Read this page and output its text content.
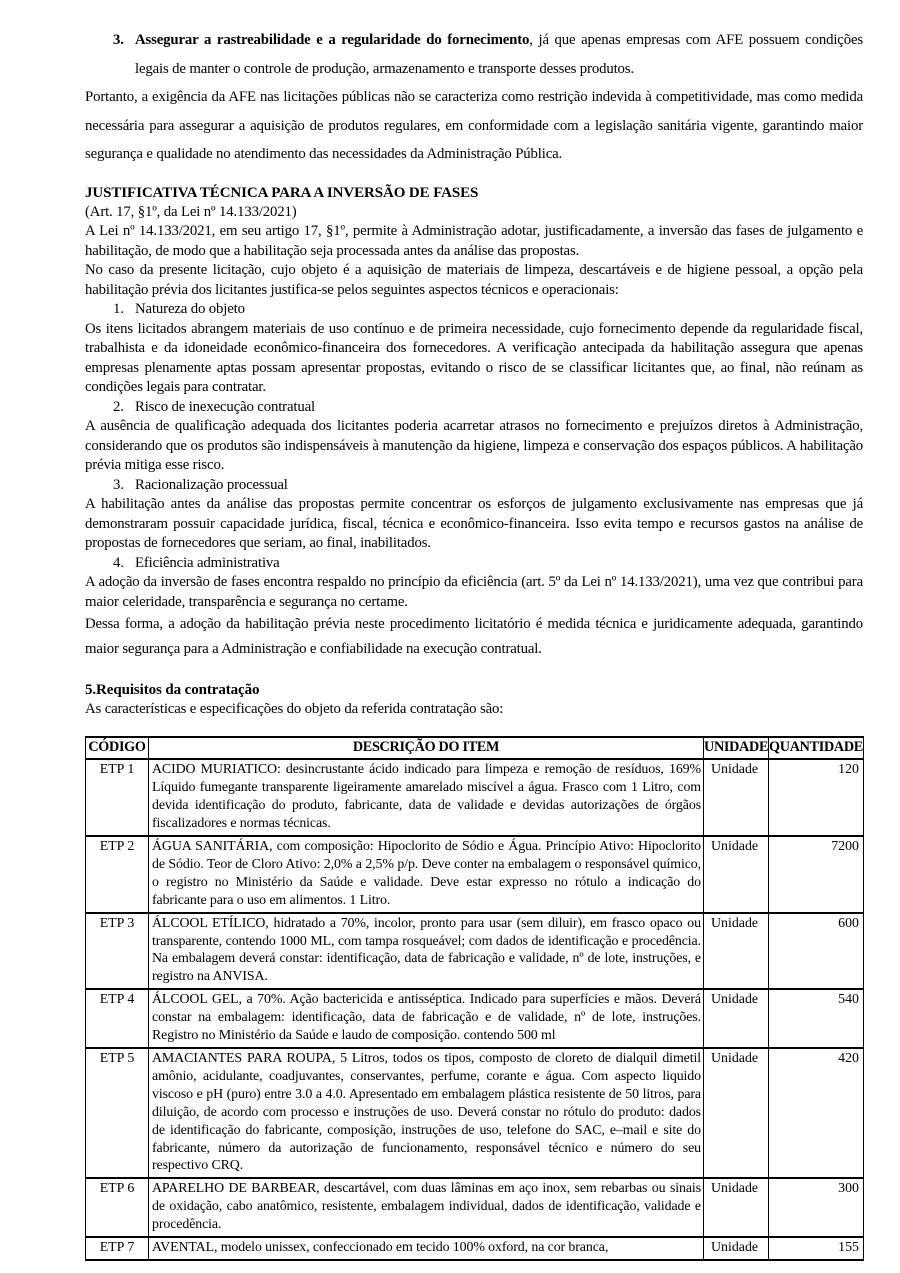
3. Assegurar a rastreabilidade e a regularidade do fornecimento, já que apenas empresas com AFE possuem condições legais de manter o controle de produção, armazenamento e transporte desses produtos.

Portanto, a exigência da AFE nas licitações públicas não se caracteriza como restrição indevida à competitividade, mas como medida necessária para assegurar a aquisição de produtos regulares, em conformidade com a legislação sanitária vigente, garantindo maior segurança e qualidade no atendimento das necessidades da Administração Pública.

JUSTIFICATIVA TÉCNICA PARA A INVERSÃO DE FASES

(Art. 17, §1º, da Lei nº 14.133/2021)

A Lei nº 14.133/2021, em seu artigo 17, §1º, permite à Administração adotar, justificadamente, a inversão das fases de julgamento e habilitação, de modo que a habilitação seja processada antes da análise das propostas.

No caso da presente licitação, cujo objeto é a aquisição de materiais de limpeza, descartáveis e de higiene pessoal, a opção pela habilitação prévia dos licitantes justifica-se pelos seguintes aspectos técnicos e operacionais:

1. Natureza do objeto

Os itens licitados abrangem materiais de uso contínuo e de primeira necessidade, cujo fornecimento depende da regularidade fiscal, trabalhista e da idoneidade econômico-financeira dos fornecedores. A verificação antecipada da habilitação assegura que apenas empresas plenamente aptas possam apresentar propostas, evitando o risco de se classificar licitantes que, ao final, não reúnam as condições legais para contratar.

2. Risco de inexecução contratual

A ausência de qualificação adequada dos licitantes poderia acarretar atrasos no fornecimento e prejuízos diretos à Administração, considerando que os produtos são indispensáveis à manutenção da higiene, limpeza e conservação dos espaços públicos. A habilitação prévia mitiga esse risco.

3. Racionalização processual

A habilitação antes da análise das propostas permite concentrar os esforços de julgamento exclusivamente nas empresas que já demonstraram possuir capacidade jurídica, fiscal, técnica e econômico-financeira. Isso evita tempo e recursos gastos na análise de propostas de fornecedores que seriam, ao final, inabilitados.

4. Eficiência administrativa

A adoção da inversão de fases encontra respaldo no princípio da eficiência (art. 5º da Lei nº 14.133/2021), uma vez que contribui para maior celeridade, transparência e segurança no certame.

Dessa forma, a adoção da habilitação prévia neste procedimento licitatório é medida técnica e juridicamente adequada, garantindo maior segurança para a Administração e confiabilidade na execução contratual.

5.Requisitos da contratação

As características e especificações do objeto da referida contratação são:

CÓDIGO	DESCRIÇÃO DO ITEM	UNIDADE	QUANTIDADE
ETP 1	ACIDO MURIATICO: desincrustante ácido indicado para limpeza e remoção de resíduos, 169% Líquido fumegante transparente ligeiramente amarelado miscível a água. Frasco com 1 Litro, com devida identificação do produto, fabricante, data de validade e devidas autorizações de órgãos fiscalizadores e normas técnicas.	Unidade	120
ETP 2	ÁGUA SANITÁRIA, com composição: Hipoclorito de Sódio e Água. Princípio Ativo: Hipoclorito de Sódio. Teor de Cloro Ativo: 2,0% a 2,5% p/p. Deve conter na embalagem o responsável químico, o registro no Ministério da Saúde e validade. Deve estar expresso no rótulo a indicação do fabricante para o uso em alimentos. 1 Litro.	Unidade	7200
ETP 3	ÁLCOOL ETÍLICO, hidratado a 70%, incolor, pronto para usar (sem diluir), em frasco opaco ou transparente, contendo 1000 ML, com tampa rosqueável; com dados de identificação e procedência. Na embalagem deverá constar: identificação, data de fabricação e validade, nº de lote, instruções, e registro na ANVISA.	Unidade	600
ETP 4	ÁLCOOL GEL, a 70%. Ação bactericida e antisséptica. Indicado para superfícies e mãos. Deverá constar na embalagem: identificação, data de fabricação e de validade, nº de lote, instruções. Registro no Ministério da Saúde e laudo de composição. contendo 500 ml	Unidade	540
ETP 5	AMACIANTES PARA ROUPA, 5 Litros, todos os tipos, composto de cloreto de dialquil dimetil amônio, acidulante, coadjuvantes, conservantes, perfume, corante e água. Com aspecto liquido viscoso e pH (puro) entre 3.0 a 4.0. Apresentado em embalagem plástica resistente de 50 litros, para diluição, de acordo com processo e instruções de uso. Deverá constar no rótulo do produto: dados de identificação do fabricante, composição, instruções de uso, telefone do SAC, e–mail e site do fabricante, número da autorização de funcionamento, responsável técnico e número do seu respectivo CRQ.	Unidade	420
ETP 6	APARELHO DE BARBEAR, descartável, com duas lâminas em aço inox, sem rebarbas ou sinais de oxidação, cabo anatômico, resistente, embalagem individual, dados de identificação, validade e procedência.	Unidade	300
ETP 7	AVENTAL, modelo unissex, confeccionado em tecido 100% oxford, na cor branca,	Unidade	155
